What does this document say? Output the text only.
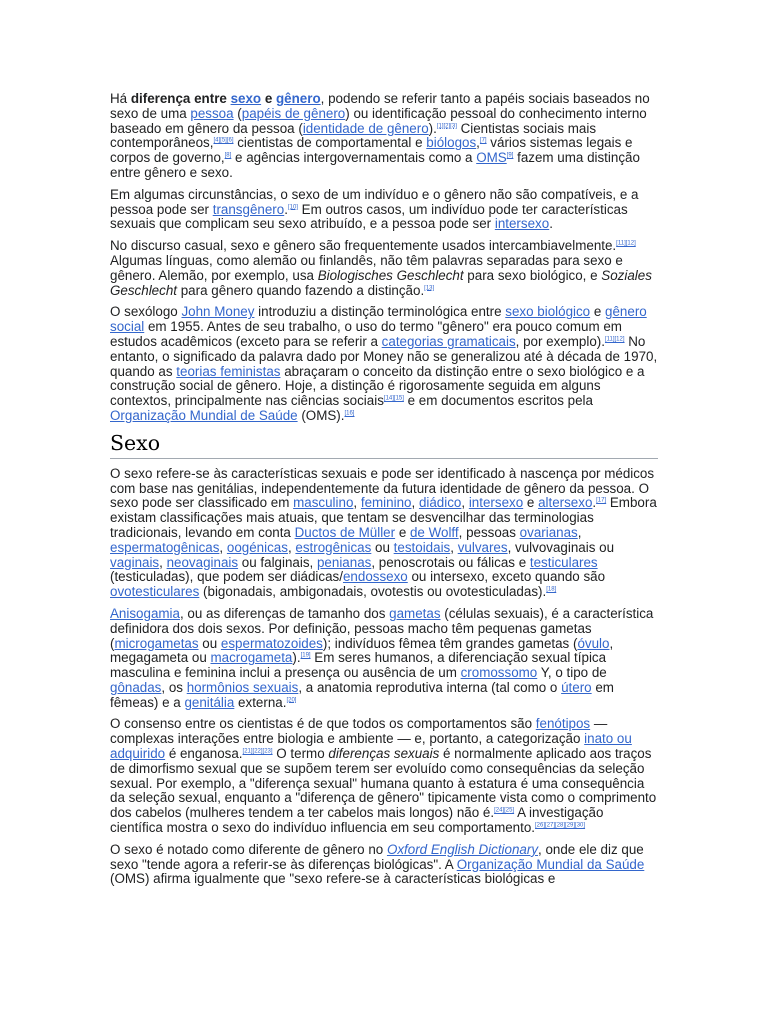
Há diferença entre sexo e gênero, podendo se referir tanto a papéis sociais baseados no sexo de uma pessoa (papéis de gênero) ou identificação pessoal do conhecimento interno baseado em gênero da pessoa (identidade de gênero).[1][2][3] Cientistas sociais mais contemporâneos,[4][5][6] cientistas de comportamental e biólogos,[7] vários sistemas legais e corpos de governo,[8] e agências intergovernamentais como a OMS[9] fazem uma distinção entre gênero e sexo.

Em algumas circunstâncias, o sexo de um indivíduo e o gênero não são compatíveis, e a pessoa pode ser transgênero.[10] Em outros casos, um indivíduo pode ter características sexuais que complicam seu sexo atribuído, e a pessoa pode ser intersexo.

No discurso casual, sexo e gênero são frequentemente usados intercambiavelmente.[11][12] Algumas línguas, como alemão ou finlandês, não têm palavras separadas para sexo e gênero. Alemão, por exemplo, usa Biologisches Geschlecht para sexo biológico, e Soziales Geschlecht para gênero quando fazendo a distinção.[13]

O sexólogo John Money introduziu a distinção terminológica entre sexo biológico e gênero social em 1955. Antes de seu trabalho, o uso do termo "gênero" era pouco comum em estudos acadêmicos (exceto para se referir a categorias gramaticais, por exemplo).[11][12] No entanto, o significado da palavra dado por Money não se generalizou até à década de 1970, quando as teorias feministas abraçaram o conceito da distinção entre o sexo biológico e a construção social de gênero. Hoje, a distinção é rigorosamente seguida em alguns contextos, principalmente nas ciências sociais[14][15] e em documentos escritos pela Organização Mundial de Saúde (OMS).[16]

Sexo

O sexo refere-se às características sexuais e pode ser identificado à nascença por médicos com base nas genitálias, independentemente da futura identidade de gênero da pessoa. O sexo pode ser classificado em masculino, feminino, diádico, intersexo e altersexo.[17] Embora existam classificações mais atuais, que tentam se desvencilhar das terminologias tradicionais, levando em conta Ductos de Müller e de Wolff, pessoas ovarianas, espermatogênicas, oogénicas, estrogênicas ou testoidais, vulvares, vulvovaginais ou vaginais, neovaginais ou falginais, penianas, penoscrotais ou fálicas e testiculares (testiculadas), que podem ser diádicas/endossexo ou intersexo, exceto quando são ovotesticulares (bigonadais, ambigonadais, ovotestis ou ovotesticuladas).[18]

Anisogamia, ou as diferenças de tamanho dos gametas (células sexuais), é a característica definidora dos dois sexos. Por definição, pessoas macho têm pequenas gametas (microgametas ou espermatozoides); indivíduos fêmea têm grandes gametas (óvulo, megagameta ou macrogameta).[19] Em seres humanos, a diferenciação sexual típica masculina e feminina inclui a presença ou ausência de um cromossomo Y, o tipo de gônadas, os hormônios sexuais, a anatomia reprodutiva interna (tal como o útero em fêmeas) e a genitália externa.[20]

O consenso entre os cientistas é de que todos os comportamentos são fenótipos — complexas interações entre biologia e ambiente — e, portanto, a categorização inato ou adquirido é enganosa.[21][22][23] O termo diferenças sexuais é normalmente aplicado aos traços de dimorfismo sexual que se supõem terem ser evoluído como consequências da seleção sexual. Por exemplo, a "diferença sexual" humana quanto à estatura é uma consequência da seleção sexual, enquanto a "diferença de gênero" tipicamente vista como o comprimento dos cabelos (mulheres tendem a ter cabelos mais longos) não é.[24][25] A investigação científica mostra o sexo do indivíduo influencia em seu comportamento.[26][27][28][29][30]

O sexo é notado como diferente de gênero no Oxford English Dictionary, onde ele diz que sexo "tende agora a referir-se às diferenças biológicas". A Organização Mundial da Saúde (OMS) afirma igualmente que "sexo refere-se à características biológicas e
